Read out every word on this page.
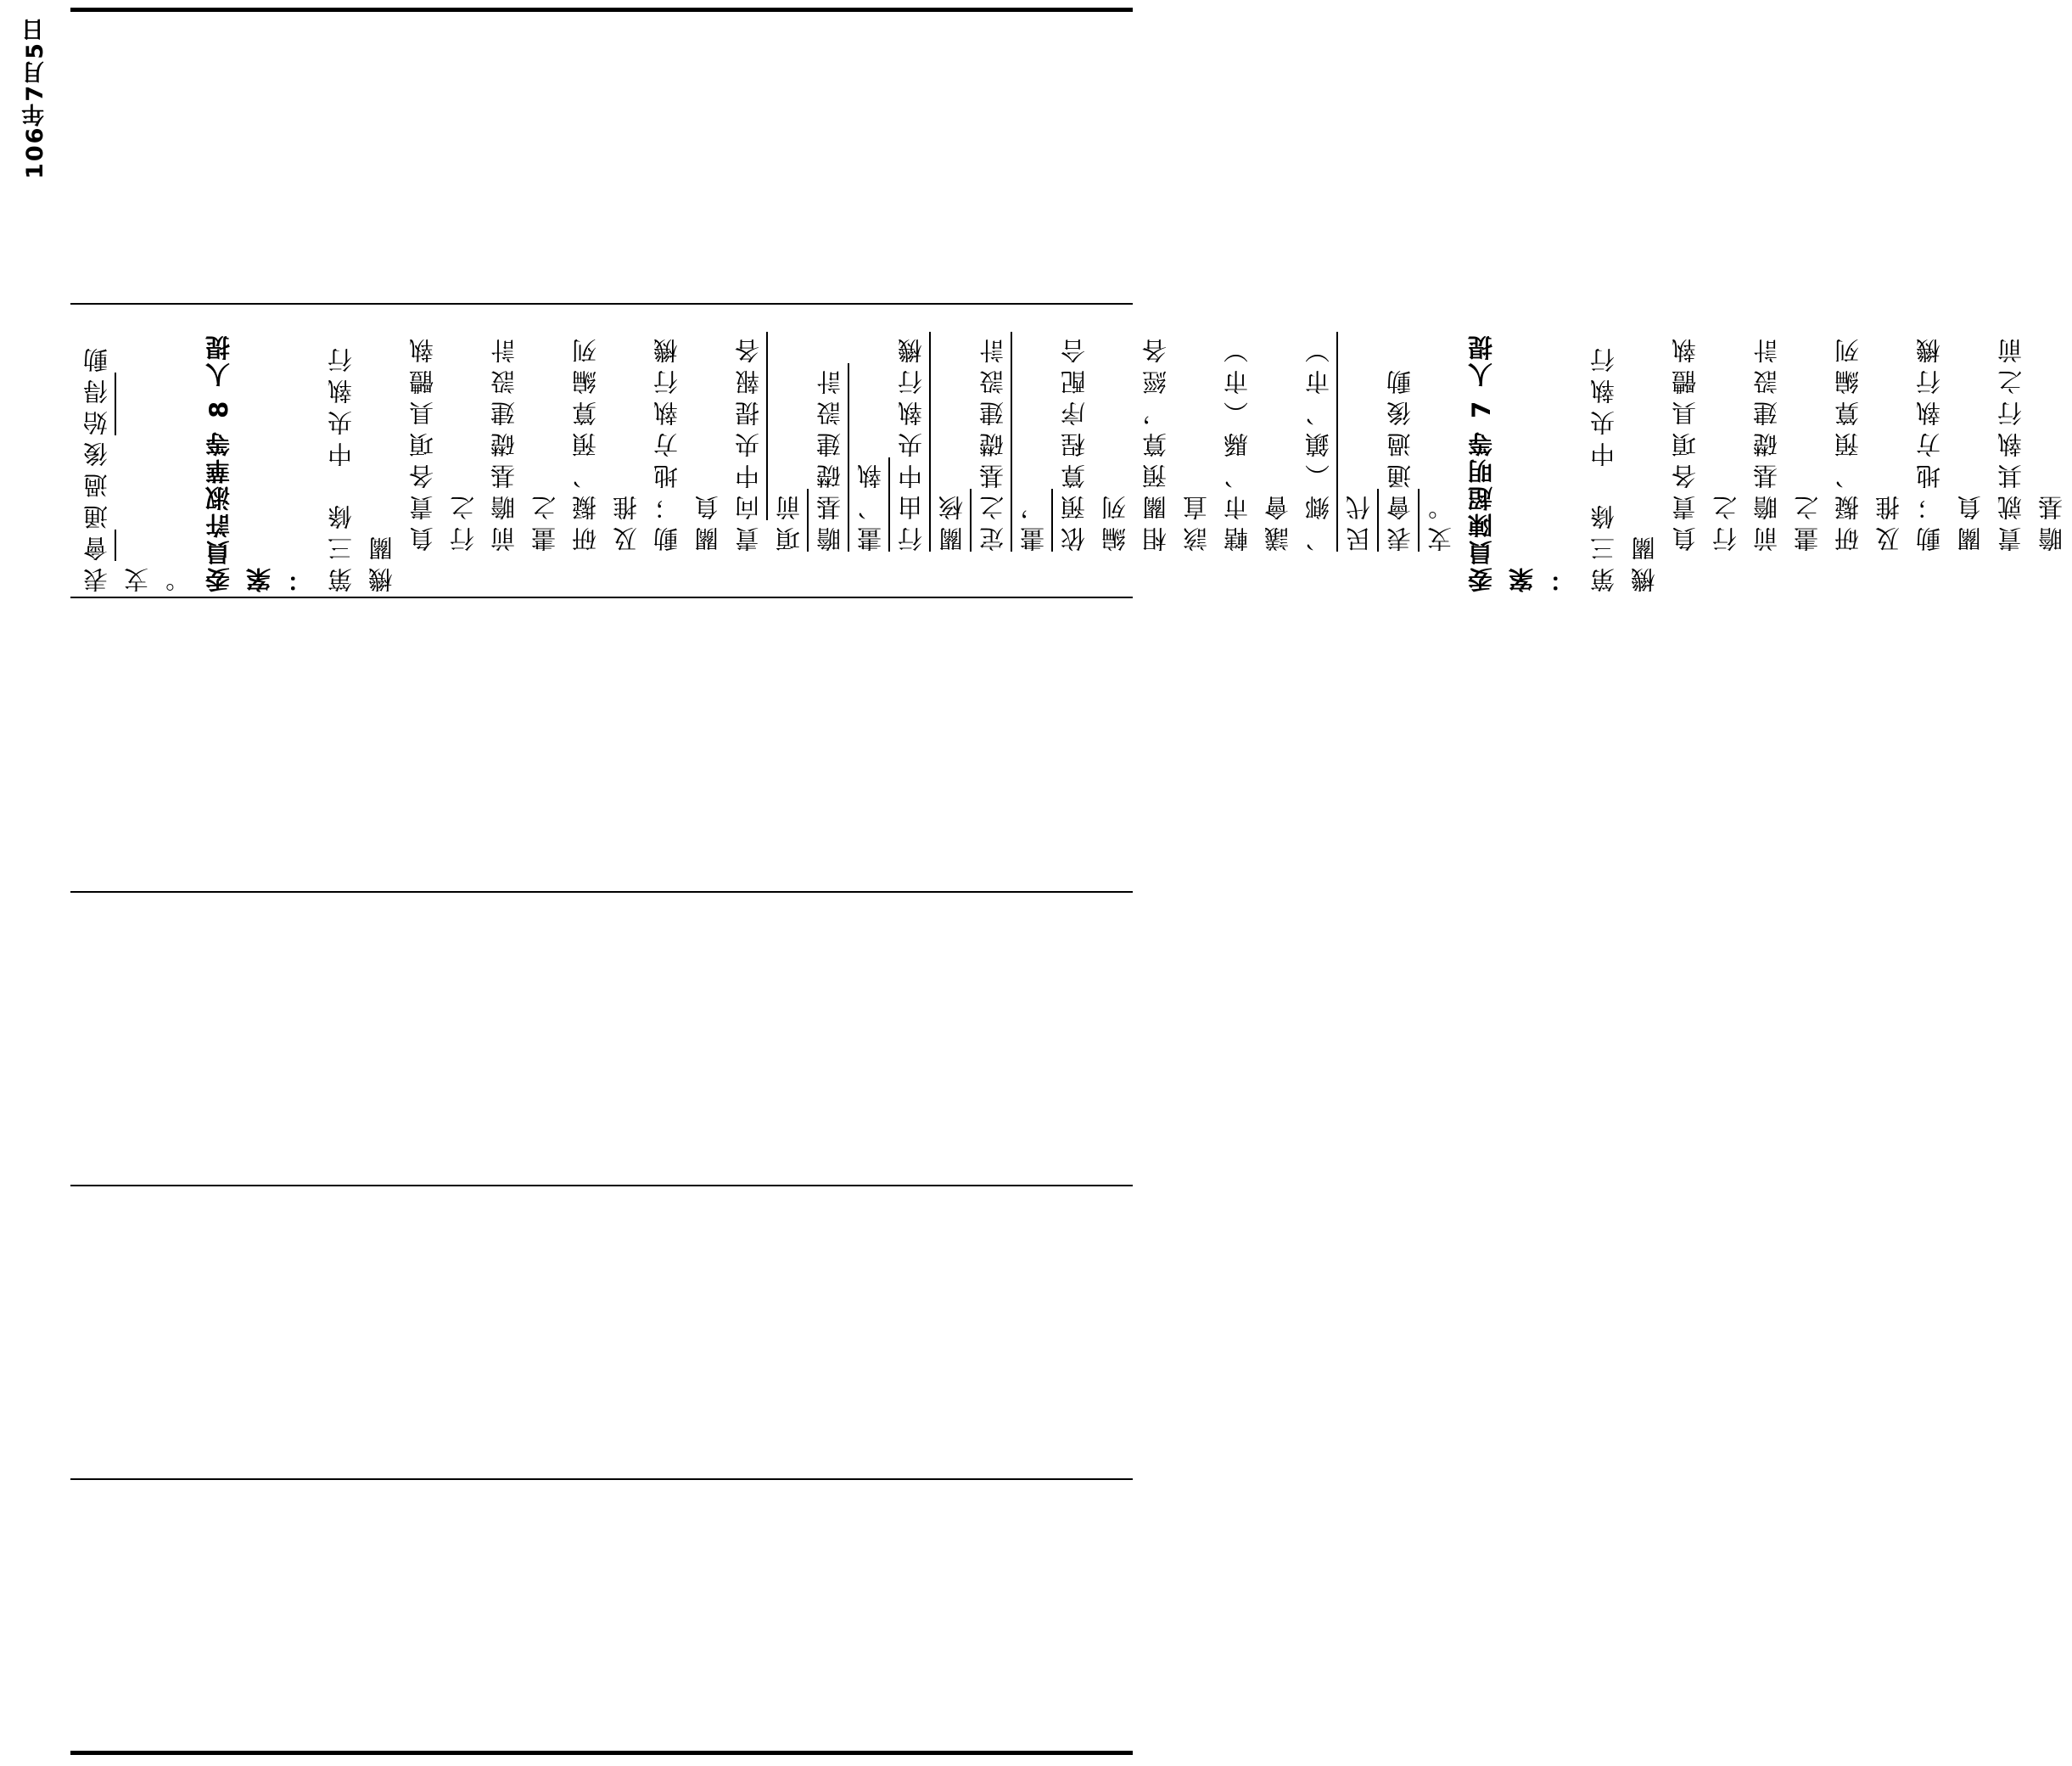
106年7月5日

表會通過後始得動支 。 委員許淑華等 8 人提案 ： 第三條　中央執行機關

負責各項具體執行之 前瞻基礎建設計畫之 研擬、預算編列及推 動；地方執行機關負 責向中央提報各項前 瞻基礎建設計畫、執 行由中央執行機關核 定之基礎建設計畫， 依預算程序配合編列 相關預算，經各該直 轄市、縣（市）議會 、鄉（鎮、市）民代 表會通過後動支。 委員陳超明等 7 人提案 ： 第三條　中央執行機關

負責各項具體執行之 前瞻基礎建設計畫之 研擬、預算編列及推 動；地方執行機關負 責就其執行之前瞻基
